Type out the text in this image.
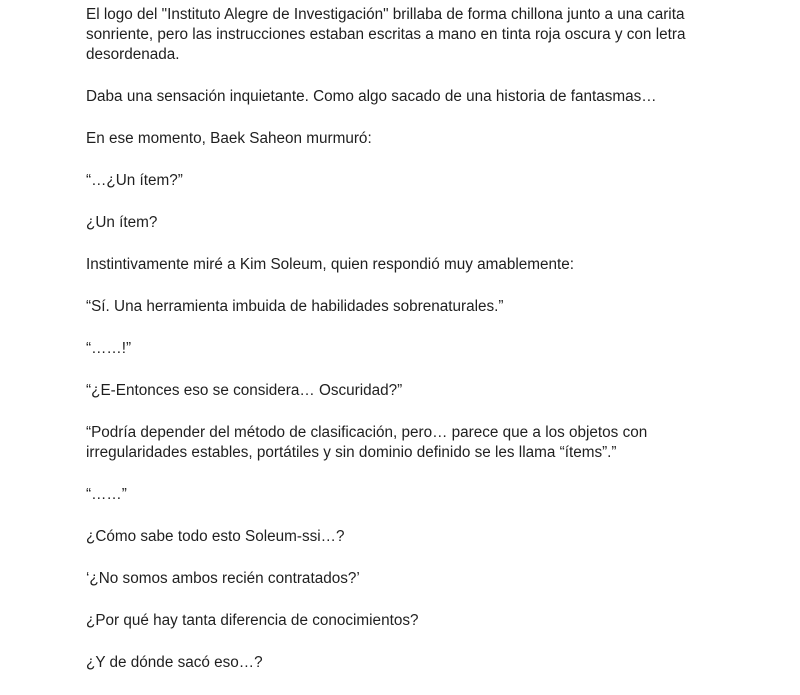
El logo del "Instituto Alegre de Investigación" brillaba de forma chillona junto a una carita sonriente, pero las instrucciones estaban escritas a mano en tinta roja oscura y con letra desordenada.

Daba una sensación inquietante. Como algo sacado de una historia de fantasmas…

En ese momento, Baek Saheon murmuró:

“…¿Un ítem?”

¿Un ítem?

Instintivamente miré a Kim Soleum, quien respondió muy amablemente:

“Sí. Una herramienta imbuida de habilidades sobrenaturales.”

“……!”

“¿E-Entonces eso se considera… Oscuridad?”

“Podría depender del método de clasificación, pero… parece que a los objetos con irregularidades estables, portátiles y sin dominio definido se les llama “ítems”.”

“……”

¿Cómo sabe todo esto Soleum-ssi…?

‘¿No somos ambos recién contratados?’

¿Por qué hay tanta diferencia de conocimientos?

¿Y de dónde sacó eso…?
